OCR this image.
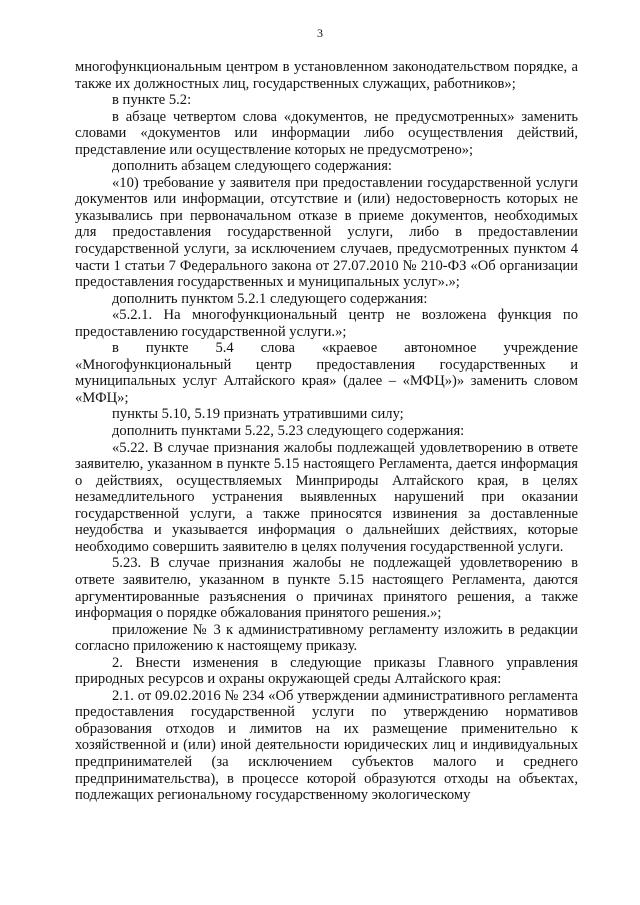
3

многофункциональным центром в установленном законодательством порядке, а также их должностных лиц, государственных служащих, работников»;

в пункте 5.2:

в абзаце четвертом слова «документов, не предусмотренных» заменить словами «документов или информации либо осуществления действий, представление или осуществление которых не предусмотрено»;

дополнить абзацем следующего содержания:

«10) требование у заявителя при предоставлении государственной услуги документов или информации, отсутствие и (или) недостоверность которых не указывались при первоначальном отказе в приеме документов, необходимых для предоставления государственной услуги, либо в предоставлении государственной услуги, за исключением случаев, предусмотренных пунктом 4 части 1 статьи 7 Федерального закона от 27.07.2010 № 210-ФЗ «Об организации предоставления государственных и муниципальных услуг».»;

дополнить пунктом 5.2.1 следующего содержания:

«5.2.1. На многофункциональный центр не возложена функция по предоставлению государственной услуги.»;

в пункте 5.4 слова «краевое автономное учреждение «Многофункциональный центр предоставления государственных и муниципальных услуг Алтайского края» (далее – «МФЦ»)» заменить словом «МФЦ»;

пункты 5.10, 5.19 признать утратившими силу;

дополнить пунктами 5.22, 5.23 следующего содержания:

«5.22. В случае признания жалобы подлежащей удовлетворению в ответе заявителю, указанном в пункте 5.15 настоящего Регламента, дается информация о действиях, осуществляемых Минприроды Алтайского края, в целях незамедлительного устранения выявленных нарушений при оказании государственной услуги, а также приносятся извинения за доставленные неудобства и указывается информация о дальнейших действиях, которые необходимо совершить заявителю в целях получения государственной услуги.

5.23. В случае признания жалобы не подлежащей удовлетворению в ответе заявителю, указанном в пункте 5.15 настоящего Регламента, даются аргументированные разъяснения о причинах принятого решения, а также информация о порядке обжалования принятого решения.»;

приложение № 3 к административному регламенту изложить в редакции согласно приложению к настоящему приказу.

2. Внести изменения в следующие приказы Главного управления природных ресурсов и охраны окружающей среды Алтайского края:

2.1. от 09.02.2016 № 234 «Об утверждении административного регламента предоставления государственной услуги по утверждению нормативов образования отходов и лимитов на их размещение применительно к хозяйственной и (или) иной деятельности юридических лиц и индивидуальных предпринимателей (за исключением субъектов малого и среднего предпринимательства), в процессе которой образуются отходы на объектах, подлежащих региональному государственному экологическому
